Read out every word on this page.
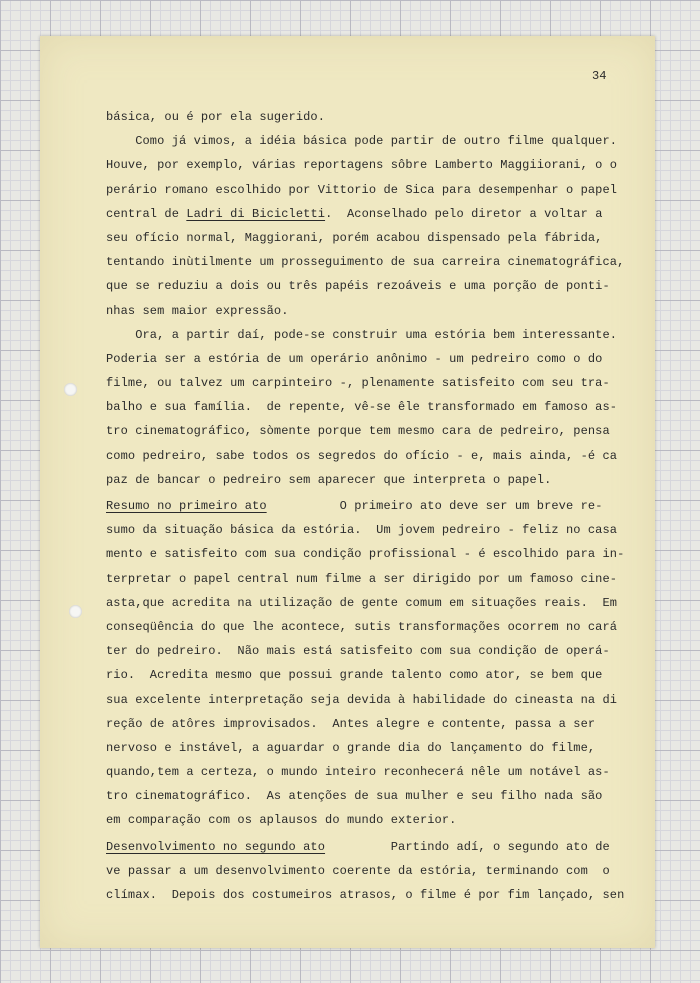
34
básica, ou é por ela sugerido.
Como já vimos, a idéia básica pode partir de outro filme qualquer.
Houve, por exemplo, várias reportagens sôbre Lamberto Maggiiorani, o o
perário romano escolhido por Vittorio de Sica para desempenhar o papel
central de Ladri di Bicicletti.  Aconselhado pelo diretor a voltar a
seu ofício normal, Maggiorani, porém acabou dispensado pela fábrida,
tentando inùtilmente um prosseguimento de sua carreira cinematográfica,
que se reduziu a dois ou três papéis rezoáveis e uma porção de ponti-
nhas sem maior expressão.
Ora, a partir daí, pode-se construir uma estória bem interessante.
Poderia ser a estória de um operário anônimo - um pedreiro como o do
filme, ou talvez um carpinteiro -, plenamente satisfeito com seu tra-
balho e sua família.  de repente, vê-se êle transformado em famoso as-
tro cinematográfico, sòmente porque tem mesmo cara de pedreiro, pensa
como pedreiro, sabe todos os segredos do ofício - e, mais ainda, -é ca
paz de bancar o pedreiro sem aparecer que interpreta o papel.
Resumo no primeiro ato          O primeiro ato deve ser um breve re-
sumo da situação básica da estória.  Um jovem pedreiro - feliz no casa
mento e satisfeito com sua condição profissional - é escolhido para in-
terpretar o papel central num filme a ser dirigido por um famoso cine-
asta,que acredita na utilização de gente comum em situações reais.  Em
conseqüência do que lhe acontece, sutis transformações ocorrem no cará
ter do pedreiro.  Não mais está satisfeito com sua condição de operá-
rio.  Acredita mesmo que possui grande talento como ator, se bem que
sua excelente interpretação seja devida à habilidade do cineasta na di
reção de atôres improvisados.  Antes alegre e contente, passa a ser
nervoso e instável, a aguardar o grande dia do lançamento do filme,
quando,tem a certeza, o mundo inteiro reconhecerá nêle um notável as-
tro cinematográfico.  As atenções de sua mulher e seu filho nada são
em comparação com os aplausos do mundo exterior.
Desenvolvimento no segundo ato         Partindo adí, o segundo ato de
ve passar a um desenvolvimento coerente da estória, terminando com  o
clímax.  Depois dos costumeiros atrasos, o filme é por fim lançado, sen
